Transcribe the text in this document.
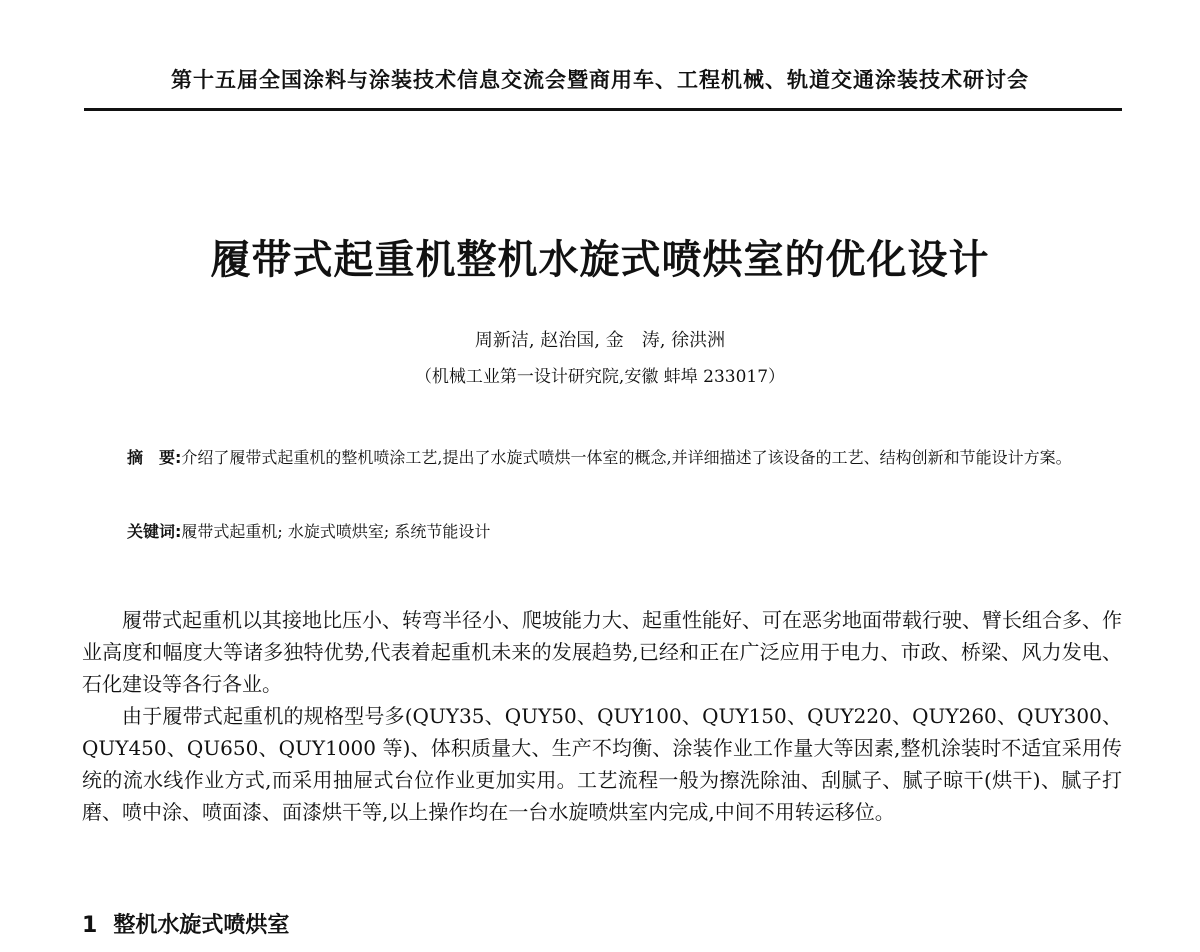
第十五届全国涂料与涂装技术信息交流会暨商用车、工程机械、轨道交通涂装技术研讨会
履带式起重机整机水旋式喷烘室的优化设计
周新洁, 赵治国, 金　涛, 徐洪洲
（机械工业第一设计研究院,安徽 蚌埠 233017）
摘　要:介绍了履带式起重机的整机喷涂工艺,提出了水旋式喷烘一体室的概念,并详细描述了该设备的工艺、结构创新和节能设计方案。
关键词:履带式起重机; 水旋式喷烘室; 系统节能设计

履带式起重机以其接地比压小、转弯半径小、爬坡能力大、起重性能好、可在恶劣地面带载行驶、臂长组合多、作业高度和幅度大等诸多独特优势,代表着起重机未来的发展趋势,已经和正在广泛应用于电力、市政、桥梁、风力发电、石化建设等各行各业。

由于履带式起重机的规格型号多(QUY35、QUY50、QUY100、QUY150、QUY220、QUY260、QUY300、QUY450、QU650、QUY1000 等)、体积质量大、生产不均衡、涂装作业工作量大等因素,整机涂装时不适宜采用传统的流水线作业方式,而采用抽屉式台位作业更加实用。工艺流程一般为擦洗除油、刮腻子、腻子晾干(烘干)、腻子打磨、喷中涂、喷面漆、面漆烘干等,以上操作均在一台水旋喷烘室内完成,中间不用转运移位。

1 整机水旋式喷烘室
